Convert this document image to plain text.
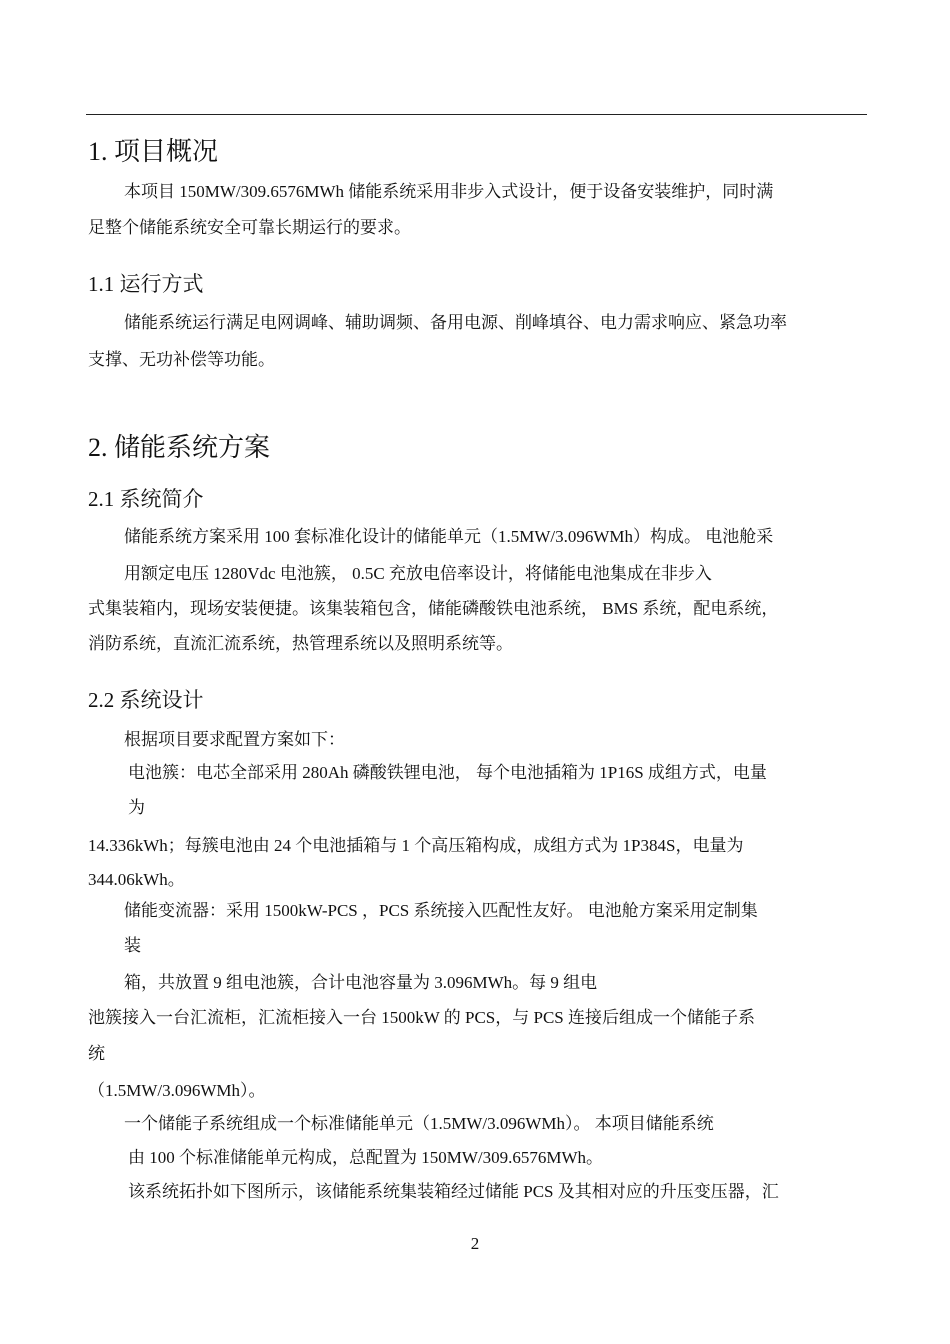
1. 项目概况
本项目 150MW/309.6576MWh 储能系统采用非步入式设计，便于设备安装维护，同时满
足整个储能系统安全可靠长期运行的要求。
1.1 运行方式
储能系统运行满足电网调峰、辅助调频、备用电源、削峰填谷、电力需求响应、紧急功率
支撑、无功补偿等功能。
2. 储能系统方案
2.1 系统简介
储能系统方案采用 100 套标准化设计的储能单元（1.5MW/3.096WMh）构成。 电池舱采
用额定电压 1280Vdc 电池簇， 0.5C 充放电倍率设计，将储能电池集成在非步入
式集装箱内，现场安装便捷。该集装箱包含，储能磷酸铁电池系统， BMS 系统，配电系统，
消防系统，直流汇流系统，热管理系统以及照明系统等。
2.2 系统设计
根据项目要求配置方案如下：
电池簇：电芯全部采用 280Ah 磷酸铁锂电池， 每个电池插箱为 1P16S 成组方式，电量
为
14.336kWh；每簇电池由 24 个电池插箱与 1 个高压箱构成，成组方式为 1P384S，电量为
344.06kWh。
储能变流器：采用 1500kW-PCS ，PCS 系统接入匹配性友好。 电池舱方案采用定制集
装
箱，共放置 9 组电池簇，合计电池容量为 3.096MWh。每 9 组电
池簇接入一台汇流柜，汇流柜接入一台 1500kW 的 PCS，与 PCS 连接后组成一个储能子系
统
（1.5MW/3.096WMh）。
一个储能子系统组成一个标准储能单元（1.5MW/3.096WMh）。 本项目储能系统
由 100 个标准储能单元构成，总配置为 150MW/309.6576MWh。
该系统拓扑如下图所示，该储能系统集装箱经过储能 PCS 及其相对应的升压变压器，汇
2
